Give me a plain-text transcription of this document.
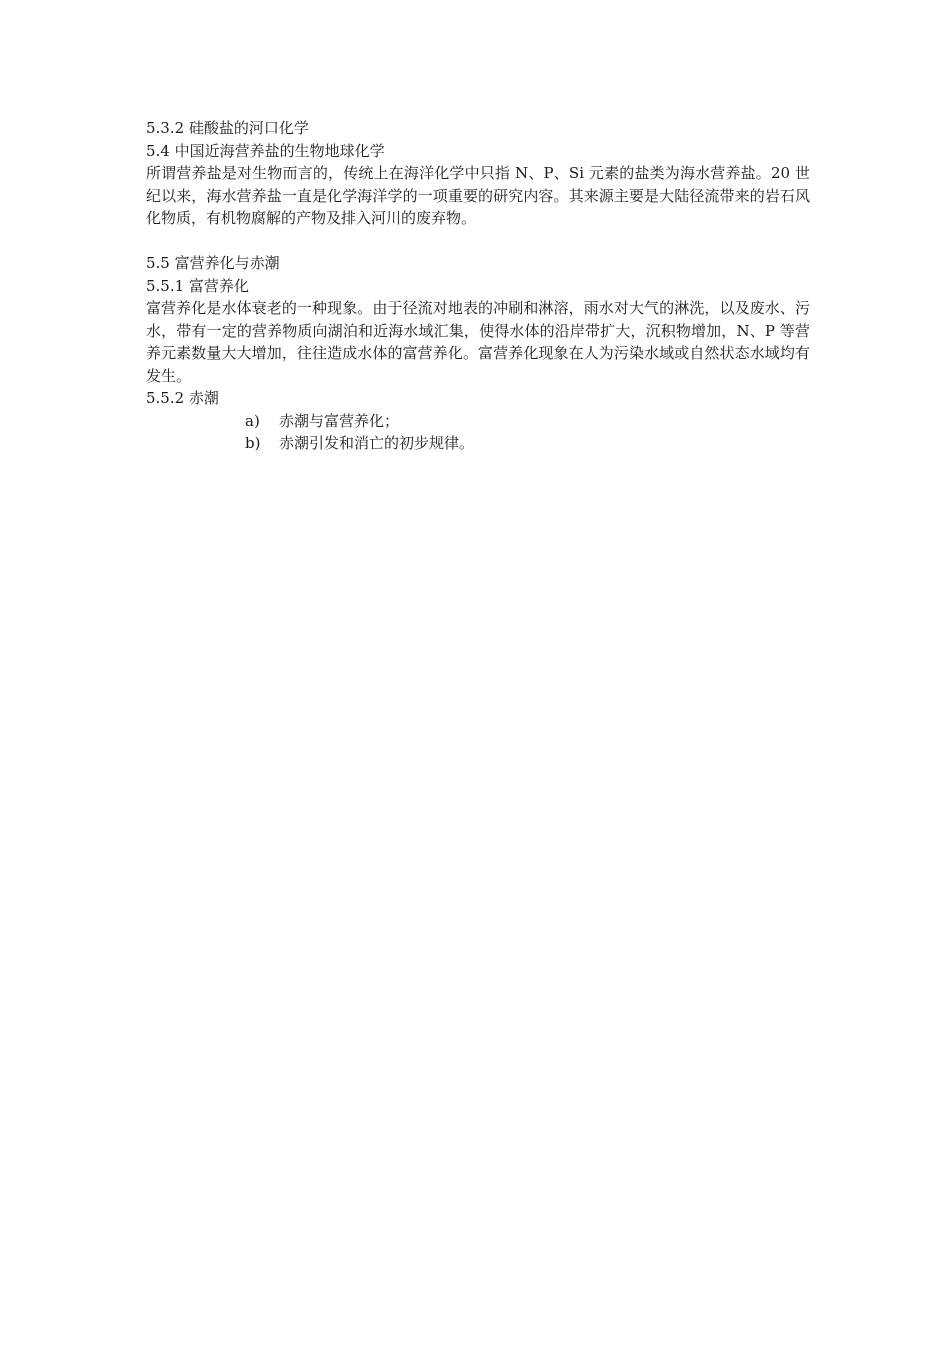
5.3.2 硅酸盐的河口化学

5.4 中国近海营养盐的生物地球化学

所谓营养盐是对生物而言的，传统上在海洋化学中只指 N、P、Si 元素的盐类为海水营养盐。20 世纪以来，海水营养盐一直是化学海洋学的一项重要的研究内容。其来源主要是大陆径流带来的岩石风化物质，有机物腐解的产物及排入河川的废弃物。

5.5 富营养化与赤潮

5.5.1 富营养化

富营养化是水体衰老的一种现象。由于径流对地表的冲刷和淋溶，雨水对大气的淋洗，以及废水、污水，带有一定的营养物质向湖泊和近海水域汇集，使得水体的沿岸带扩大，沉积物增加，N、P 等营养元素数量大大增加，往往造成水体的富营养化。富营养化现象在人为污染水域或自然状态水域均有发生。

5.5.2 赤潮

a)	赤潮与富营养化；
b)	赤潮引发和消亡的初步规律。
